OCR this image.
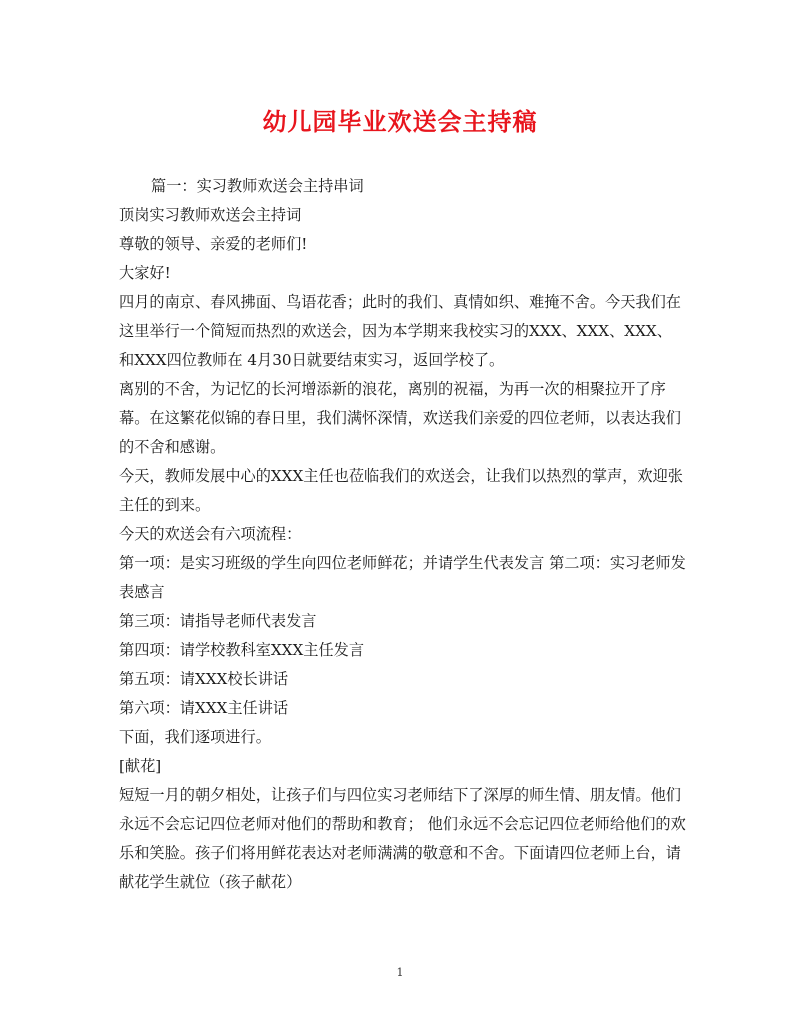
幼儿园毕业欢送会主持稿

篇一：实习教师欢送会主持串词

顶岗实习教师欢送会主持词

尊敬的领导、亲爱的老师们!

大家好!

四月的南京、春风拂面、鸟语花香；此时的我们、真情如织、难掩不舍。今天我们在这里举行一个简短而热烈的欢送会，因为本学期来我校实习的XXX、XXX、XXX、和XXX四位教师在 4月30日就要结束实习，返回学校了。

离别的不舍，为记忆的长河增添新的浪花，离别的祝福，为再一次的相聚拉开了序幕。在这繁花似锦的春日里，我们满怀深情，欢送我们亲爱的四位老师，以表达我们的不舍和感谢。

今天，教师发展中心的XXX主任也莅临我们的欢送会，让我们以热烈的掌声，欢迎张主任的到来。

今天的欢送会有六项流程：

第一项：是实习班级的学生向四位老师鲜花；并请学生代表发言 第二项：实习老师发表感言

第三项：请指导老师代表发言

第四项：请学校教科室XXX主任发言

第五项：请XXX校长讲话

第六项：请XXX主任讲话

下面，我们逐项进行。

[献花]

短短一月的朝夕相处，让孩子们与四位实习老师结下了深厚的师生情、朋友情。他们永远不会忘记四位老师对他们的帮助和教育； 他们永远不会忘记四位老师给他们的欢乐和笑脸。孩子们将用鲜花表达对老师满满的敬意和不舍。下面请四位老师上台，请献花学生就位（孩子献花）

1
